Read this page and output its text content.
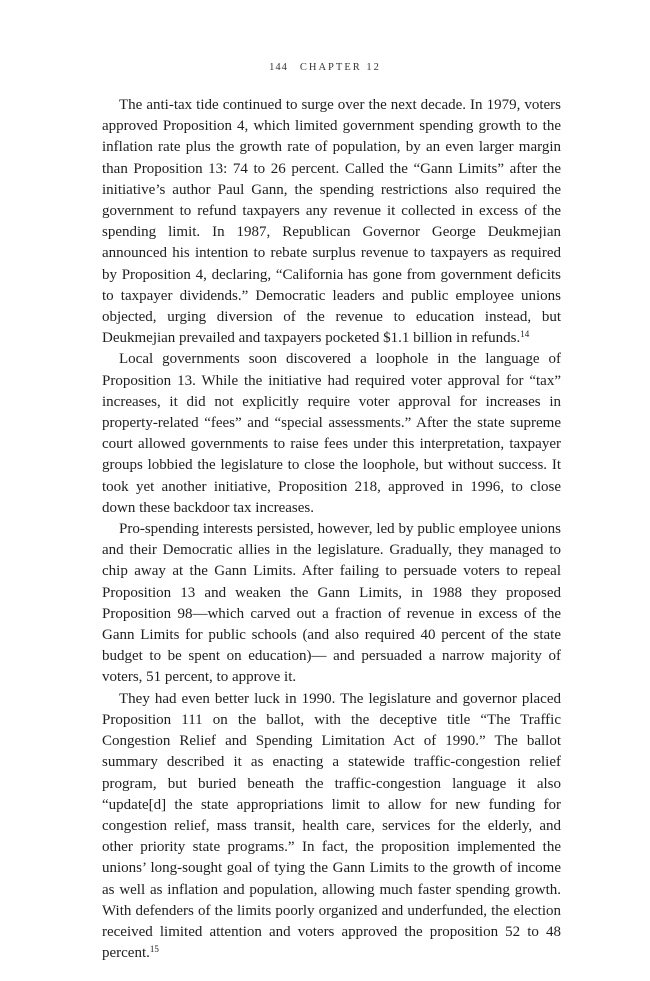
144 CHAPTER 12

The anti-tax tide continued to surge over the next decade. In 1979, voters approved Proposition 4, which limited government spending growth to the inflation rate plus the growth rate of population, by an even larger margin than Proposition 13: 74 to 26 percent. Called the “Gann Limits” after the initiative’s author Paul Gann, the spending restrictions also required the government to refund taxpayers any revenue it collected in excess of the spending limit. In 1987, Republican Governor George Deukmejian announced his intention to rebate surplus revenue to taxpayers as required by Proposition 4, declaring, “California has gone from government deficits to taxpayer dividends.” Democratic leaders and public employee unions objected, urging diversion of the revenue to education instead, but Deukmejian prevailed and taxpayers pocketed $1.1 billion in refunds.$^{14}$

Local governments soon discovered a loophole in the language of Proposition 13. While the initiative had required voter approval for “tax” increases, it did not explicitly require voter approval for increases in property-related “fees” and “special assessments.” After the state supreme court allowed governments to raise fees under this interpretation, taxpayer groups lobbied the legislature to close the loophole, but without success. It took yet another initiative, Proposition 218, approved in 1996, to close down these backdoor tax increases.

Pro-spending interests persisted, however, led by public employee unions and their Democratic allies in the legislature. Gradually, they managed to chip away at the Gann Limits. After failing to persuade voters to repeal Proposition 13 and weaken the Gann Limits, in 1988 they proposed Proposition 98—which carved out a fraction of revenue in excess of the Gann Limits for public schools (and also required 40 percent of the state budget to be spent on education)— and persuaded a narrow majority of voters, 51 percent, to approve it.

They had even better luck in 1990. The legislature and governor placed Proposition 111 on the ballot, with the deceptive title “The Traffic Congestion Relief and Spending Limitation Act of 1990.” The ballot summary described it as enacting a statewide traffic-congestion relief program, but buried beneath the traffic-congestion language it also “update[d] the state appropriations limit to allow for new funding for congestion relief, mass transit, health care, services for the elderly, and other priority state programs.” In fact, the proposition implemented the unions’ long-sought goal of tying the Gann Limits to the growth of income as well as inflation and population, allowing much faster spending growth. With defenders of the limits poorly organized and underfunded, the election received limited attention and voters approved the proposition 52 to 48 percent.$^{15}$
